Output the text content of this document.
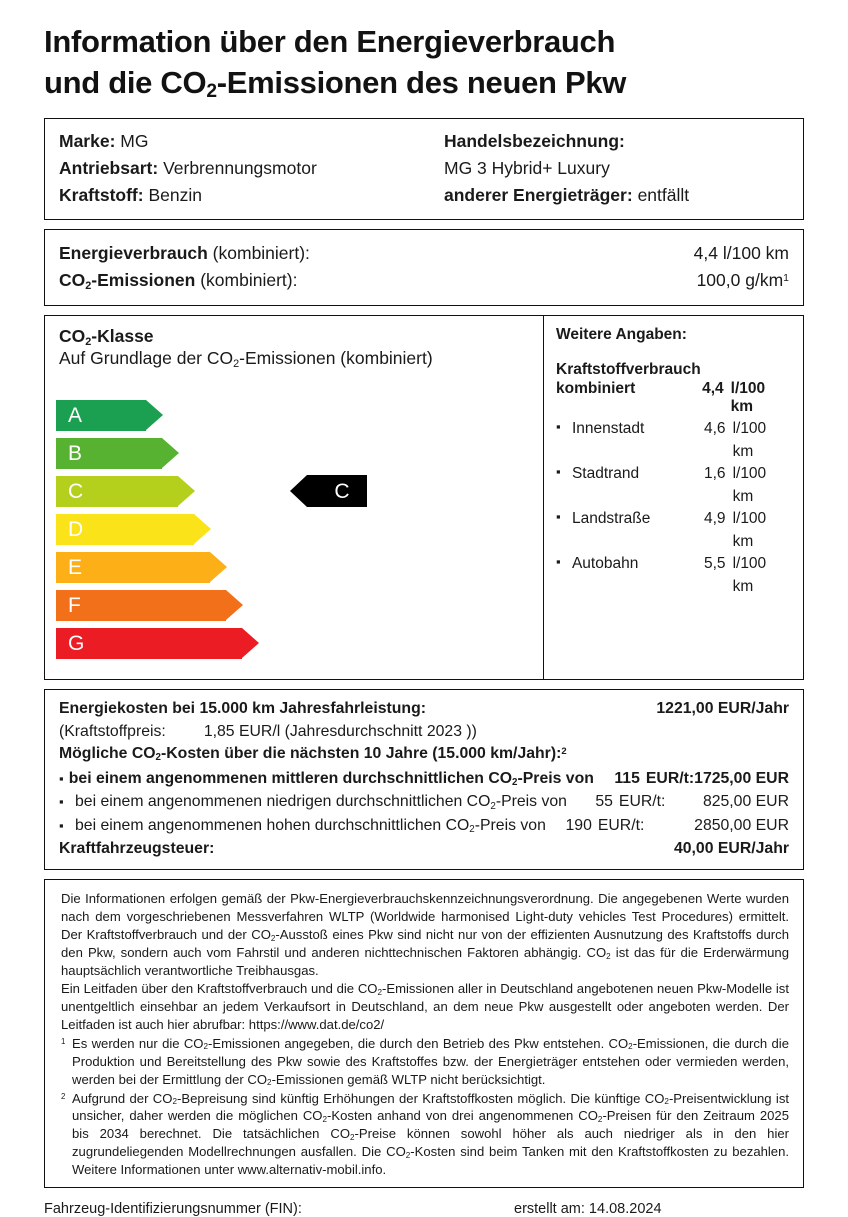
Information über den Energieverbrauch
und die $CO_2$-Emissionen des neuen Pkw
Marke: MG
Antriebsart: Verbrennungsmotor
Kraftstoff: Benzin
Handelsbezeichnung:
MG 3 Hybrid+ Luxury
anderer Energieträger: entfällt
Energieverbrauch (kombiniert):	4,4 l/100 km
$CO_2$-Emissionen (kombiniert):	100,0 $g/km^1$
$CO_2$-Klasse
Auf Grundlage der $CO_2$-Emissionen (kombiniert)
A
B
C
D
E
F
G
C
Weitere Angaben:
Kraftstoffverbrauch
kombiniert	4,4 l/100 km
▪ Innenstadt	4,6 l/100 km
▪ Stadtrand	1,6 l/100 km
▪ Landstraße	4,9 l/100 km
▪ Autobahn	5,5 l/100 km
Energiekosten bei 15.000 km Jahresfahrleistung:	1221,00 EUR/Jahr
(Kraftstoffpreis:	1,85 EUR/l (Jahresdurchschnitt 2023 ))
Mögliche $CO_2$-Kosten über die nächsten 10 Jahre (15.000 km/Jahr):$^2$
▪ bei einem angenommenen mittleren durchschnittlichen $CO_2$-Preis von	115 EUR/t: 1725,00 EUR
▪ bei einem angenommenen niedrigen durchschnittlichen $CO_2$-Preis von	55 EUR/t: 825,00 EUR
▪ bei einem angenommenen hohen durchschnittlichen $CO_2$-Preis von	190 EUR/t:	2850,00 EUR
Kraftfahrzeugsteuer:	40,00 EUR/Jahr

Die Informationen erfolgen gemäß der Pkw-Energieverbrauchskennzeichnungsverordnung. Die angegebenen Werte wurden nach dem vorgeschriebenen Messverfahren WLTP (Worldwide harmonised Light-duty vehicles Test Procedures) ermittelt. Der Kraftstoffverbrauch und der $CO_2$-Ausstoß eines Pkw sind nicht nur von der effizienten Ausnutzung des Kraftstoffs durch den Pkw, sondern auch vom Fahrstil und anderen nichttechnischen Faktoren abhängig. $CO_2$ ist das für die Erderwärmung hauptsächlich verantwortliche Treibhausgas.

Ein Leitfaden über den Kraftstoffverbrauch und die $CO_2$-Emissionen aller in Deutschland angebotenen neuen Pkw-Modelle ist unentgeltlich einsehbar an jedem Verkaufsort in Deutschland, an dem neue Pkw ausgestellt oder angeboten werden. Der Leitfaden ist auch hier abrufbar: https://www.dat.de/co2/

$^1$ Es werden nur die $CO_2$-Emissionen angegeben, die durch den Betrieb des Pkw entstehen. $CO_2$-Emissionen, die durch die Produktion und Bereitstellung des Pkw sowie des Kraftstoffes bzw. der Energieträger entstehen oder vermieden werden, werden bei der Ermittlung der $CO_2$-Emissionen gemäß WLTP nicht berücksichtigt.
$^2$ Aufgrund der $CO_2$-Bepreisung sind künftig Erhöhungen der Kraftstoffkosten möglich. Die künftige $CO_2$-Preisentwicklung ist unsicher, daher werden die möglichen $CO_2$-Kosten anhand von drei angenommenen $CO_2$-Preisen für den Zeitraum 2025 bis 2034 berechnet. Die tatsächlichen $CO_2$-Preise können sowohl höher als auch niedriger als in den hier zugrundeliegenden Modellrechnungen ausfallen. Die $CO_2$-Kosten sind beim Tanken mit den Kraftstoffkosten zu bezahlen. Weitere Informationen unter www.alternativ-mobil.info.
Fahrzeug-Identifizierungsnummer (FIN):	erstellt am: 14.08.2024
